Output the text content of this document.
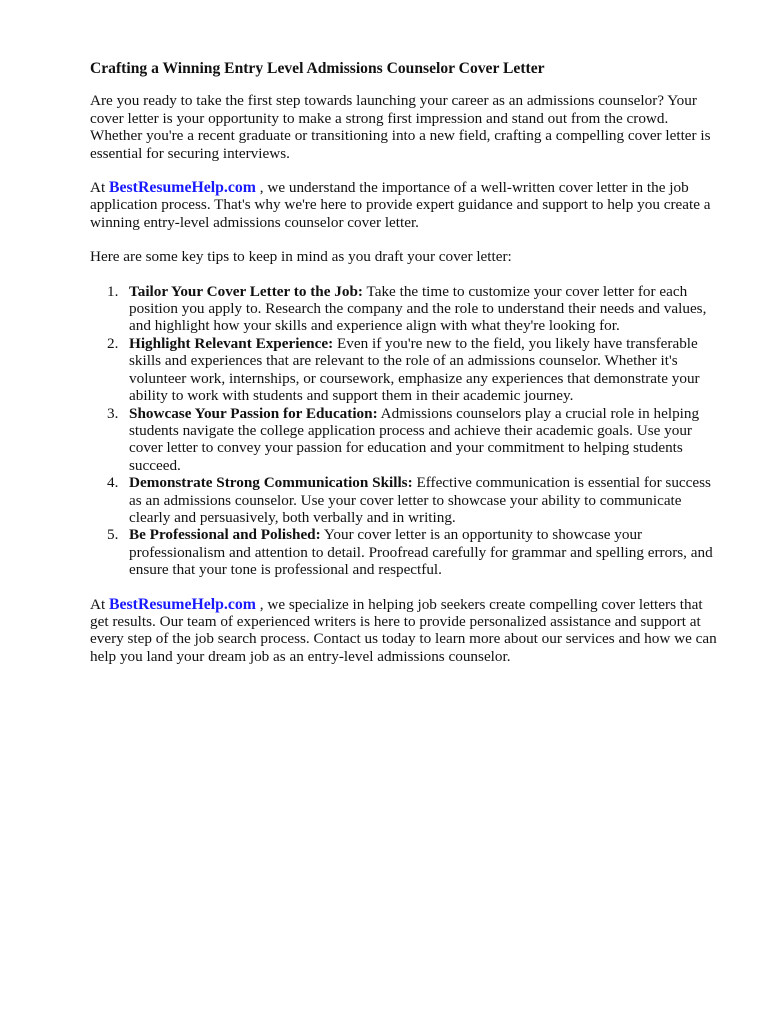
Crafting a Winning Entry Level Admissions Counselor Cover Letter

Are you ready to take the first step towards launching your career as an admissions counselor? Your cover letter is your opportunity to make a strong first impression and stand out from the crowd. Whether you're a recent graduate or transitioning into a new field, crafting a compelling cover letter is essential for securing interviews.

At BestResumeHelp.com , we understand the importance of a well-written cover letter in the job application process. That's why we're here to provide expert guidance and support to help you create a winning entry-level admissions counselor cover letter.

Here are some key tips to keep in mind as you draft your cover letter:

1. Tailor Your Cover Letter to the Job: Take the time to customize your cover letter for each position you apply to. Research the company and the role to understand their needs and values, and highlight how your skills and experience align with what they're looking for.
2. Highlight Relevant Experience: Even if you're new to the field, you likely have transferable skills and experiences that are relevant to the role of an admissions counselor. Whether it's volunteer work, internships, or coursework, emphasize any experiences that demonstrate your ability to work with students and support them in their academic journey.
3. Showcase Your Passion for Education: Admissions counselors play a crucial role in helping students navigate the college application process and achieve their academic goals. Use your cover letter to convey your passion for education and your commitment to helping students succeed.
4. Demonstrate Strong Communication Skills: Effective communication is essential for success as an admissions counselor. Use your cover letter to showcase your ability to communicate clearly and persuasively, both verbally and in writing.
5. Be Professional and Polished: Your cover letter is an opportunity to showcase your professionalism and attention to detail. Proofread carefully for grammar and spelling errors, and ensure that your tone is professional and respectful.

At BestResumeHelp.com , we specialize in helping job seekers create compelling cover letters that get results. Our team of experienced writers is here to provide personalized assistance and support at every step of the job search process. Contact us today to learn more about our services and how we can help you land your dream job as an entry-level admissions counselor.
